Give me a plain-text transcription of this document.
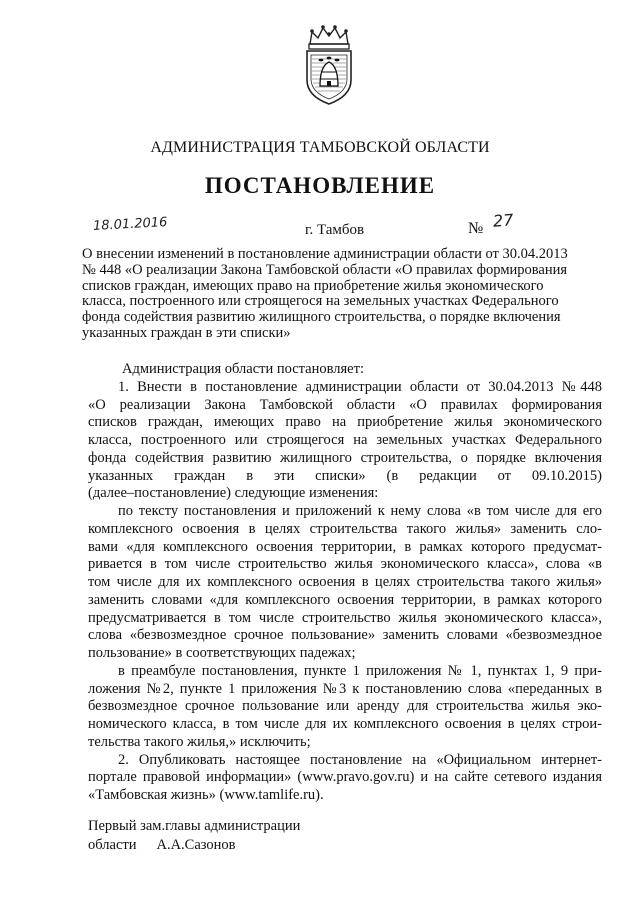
АДМИНИСТРАЦИЯ ТАМБОВСКОЙ ОБЛАСТИ
ПОСТАНОВЛЕНИЕ
18.01.2016	г. Тамбов	№ 27
О внесении изменений в постановление администрации области от 30.04.2013
№ 448 «О реализации Закона Тамбовской области «О правилах формирования
списков граждан, имеющих право на приобретение жилья экономического
класса, построенного или строящегося на земельных участках Федерального
фонда содействия развитию жилищного строительства, о порядке включения
указанных граждан в эти списки»
Администрация области постановляет:
1. Внести в постановление администрации области от 30.04.2013 №448
«О реализации Закона Тамбовской области «О правилах формирования
списков граждан, имеющих право на приобретение жилья экономического
класса, построенного или строящегося на земельных участках Федерального
фонда содействия развитию жилищного строительства, о порядке включения
указанных граждан в эти списки» (в редакции от 09.10.2015)
(далее–постановление) следующие изменения:
по тексту постановления и приложений к нему слова «в том числе для его
комплексного освоения в целях строительства такого жилья» заменить сло-
вами «для комплексного освоения территории, в рамках которого предусмат-
ривается в том числе строительство жилья экономического класса», слова «в
том числе для их комплексного освоения в целях строительства такого жилья»
заменить словами «для комплексного освоения территории, в рамках которого
предусматривается в том числе строительство жилья экономического класса»,
слова «безвозмездное срочное пользование» заменить словами «безвозмездное
пользование» в соответствующих падежах;
в преамбуле постановления, пункте 1 приложения № 1, пунктах 1, 9 при-
ложения №2, пункте 1 приложения №3 к постановлению слова «переданных в
безвозмездное срочное пользование или аренду для строительства жилья эко-
номического класса, в том числе для их комплексного освоения в целях строи-
тельства такого жилья,» исключить;
2. Опубликовать настоящее постановление на «Официальном интернет-
портале правовой информации» (www.pravo.gov.ru) и на сайте сетевого издания
«Тамбовская жизнь» (www.tamlife.ru).
Первый зам.главы администрации
области А.А.Сазонов
